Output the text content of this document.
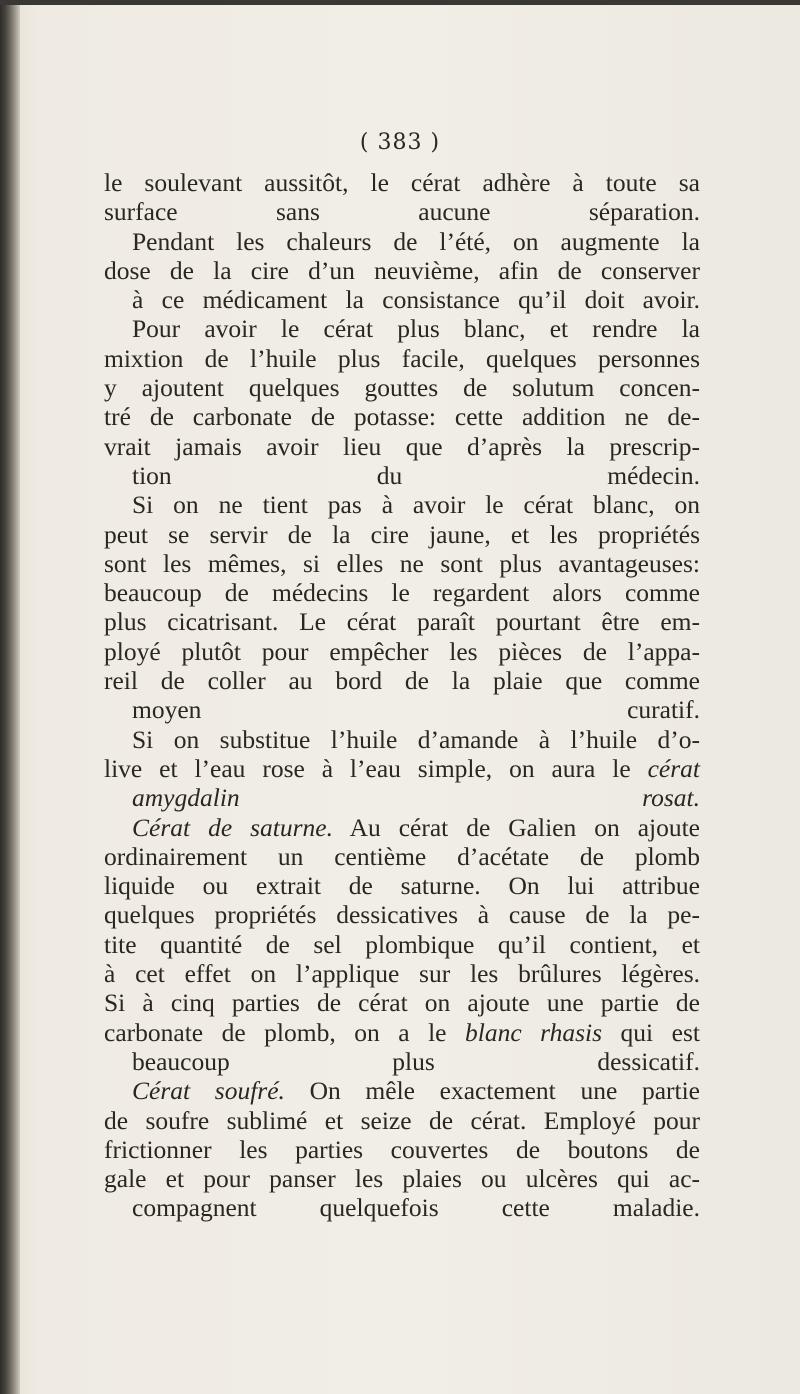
( 383 )

le soulevant aussitôt, le cérat adhère à toute sa

surface sans aucune séparation.

Pendant les chaleurs de l’été, on augmente la
dose de la cire d’un neuvième, afin de conserver

à ce médicament la consistance qu’il doit avoir.

Pour avoir le cérat plus blanc, et rendre la
mixtion de l’huile plus facile, quelques personnes
y ajoutent quelques gouttes de solutum concen-
tré de carbonate de potasse: cette addition ne de-
vrait jamais avoir lieu que d’après la prescrip-

tion du médecin.

Si on ne tient pas à avoir le cérat blanc, on
peut se servir de la cire jaune, et les propriétés
sont les mêmes, si elles ne sont plus avantageuses:
beaucoup de médecins le regardent alors comme
plus cicatrisant. Le cérat paraît pourtant être em-
ployé plutôt pour empêcher les pièces de l’appa-
reil de coller au bord de la plaie que comme

moyen curatif.

Si on substitue l’huile d’amande à l’huile d’o-
live et l’eau rose à l’eau simple, on aura le cérat

amygdalin rosat.

Cérat de saturne. Au cérat de Galien on ajoute
ordinairement un centième d’acétate de plomb
liquide ou extrait de saturne. On lui attribue
quelques propriétés dessicatives à cause de la pe-
tite quantité de sel plombique qu’il contient, et
à cet effet on l’applique sur les brûlures légères.
Si à cinq parties de cérat on ajoute une partie de
carbonate de plomb, on a le blanc rhasis qui est

beaucoup plus dessicatif.

Cérat soufré. On mêle exactement une partie
de soufre sublimé et seize de cérat. Employé pour
frictionner les parties couvertes de boutons de
gale et pour panser les plaies ou ulcères qui ac-

compagnent quelquefois cette maladie.
